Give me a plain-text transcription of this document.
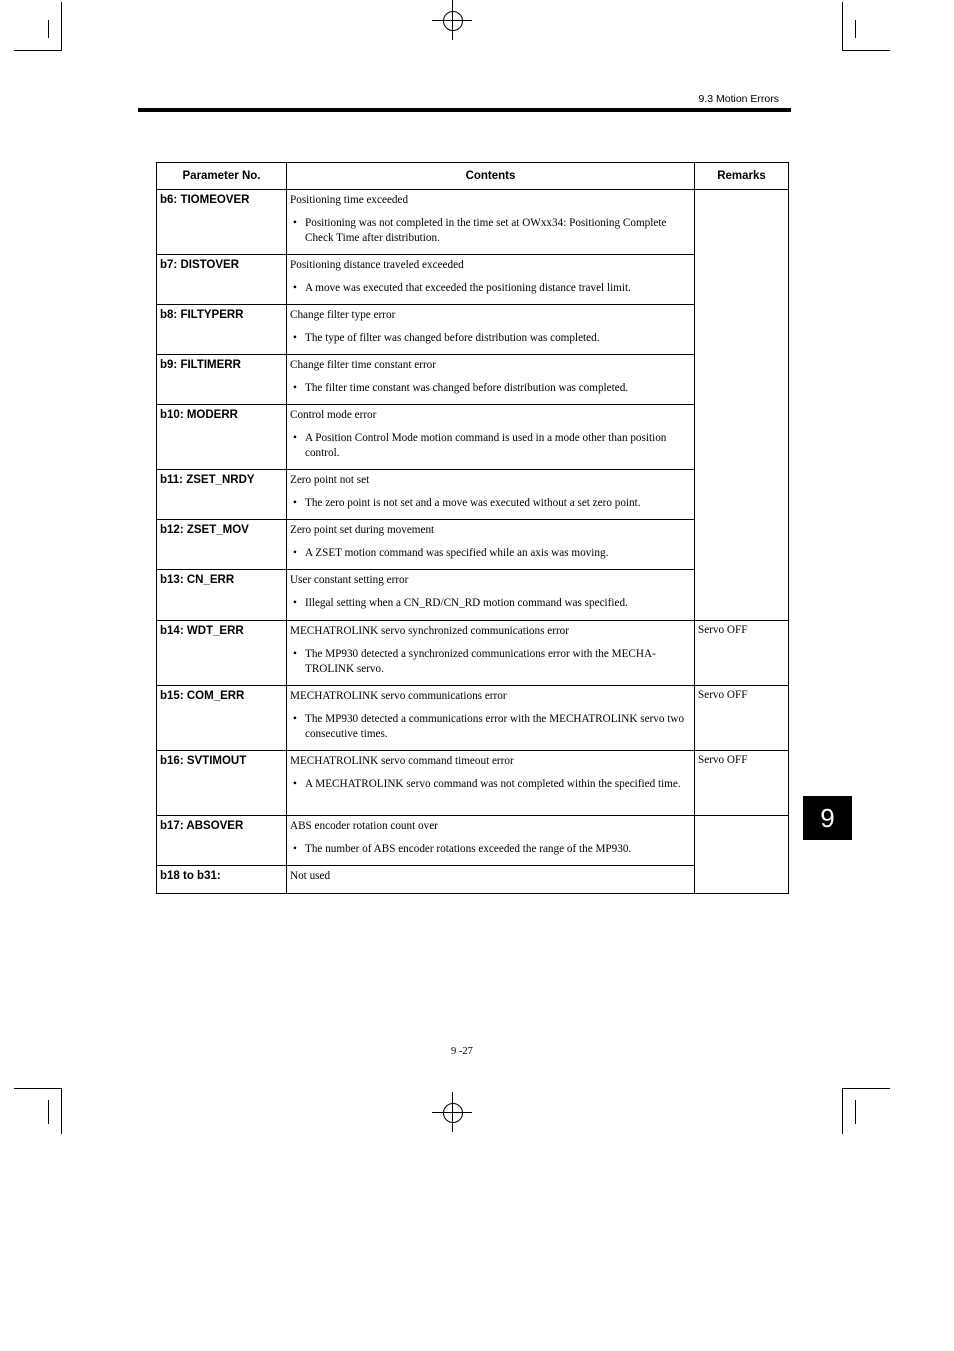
9.3 Motion Errors
Parameter No.	Contents	Remarks
b6: TIOMEOVER	Positioning time exceeded
• Positioning was not completed in the time set at OWxx34: Positioning Complete Check Time after distribution.	

b7: DISTOVER	Positioning distance traveled exceeded
• A move was executed that exceeded the positioning distance travel limit.	

b8: FILTYPERR	Change filter type error
• The type of filter was changed before distribution was completed.	

b9: FILTIMERR	Change filter time constant error
• The filter time constant was changed before distribution was completed.	

b10: MODERR	Control mode error
• A Position Control Mode motion command is used in a mode other than position control.	

b11: ZSET_NRDY	Zero point not set
• The zero point is not set and a move was executed without a set zero point.	

b12: ZSET_MOV	Zero point set during movement
• A ZSET motion command was specified while an axis was moving.	

b13: CN_ERR	User constant setting error
• Illegal setting when a CN_RD/CN_RD motion command was specified.	

b14: WDT_ERR	MECHATROLINK servo synchronized communications error
• The MP930 detected a synchronized communications error with the MECHA-TROLINK servo.	Servo OFF
b15: COM_ERR	MECHATROLINK servo communications error
• The MP930 detected a communications error with the MECHATROLINK servo two consecutive times.	Servo OFF
b16: SVTIMOUT	MECHATROLINK servo command timeout error
• A MECHATROLINK servo command was not completed within the specified time.	Servo OFF
b17: ABSOVER	ABS encoder rotation count over
• The number of ABS encoder rotations exceeded the range of the MP930.	

b18 to b31:	Not used	
9
9 -27
